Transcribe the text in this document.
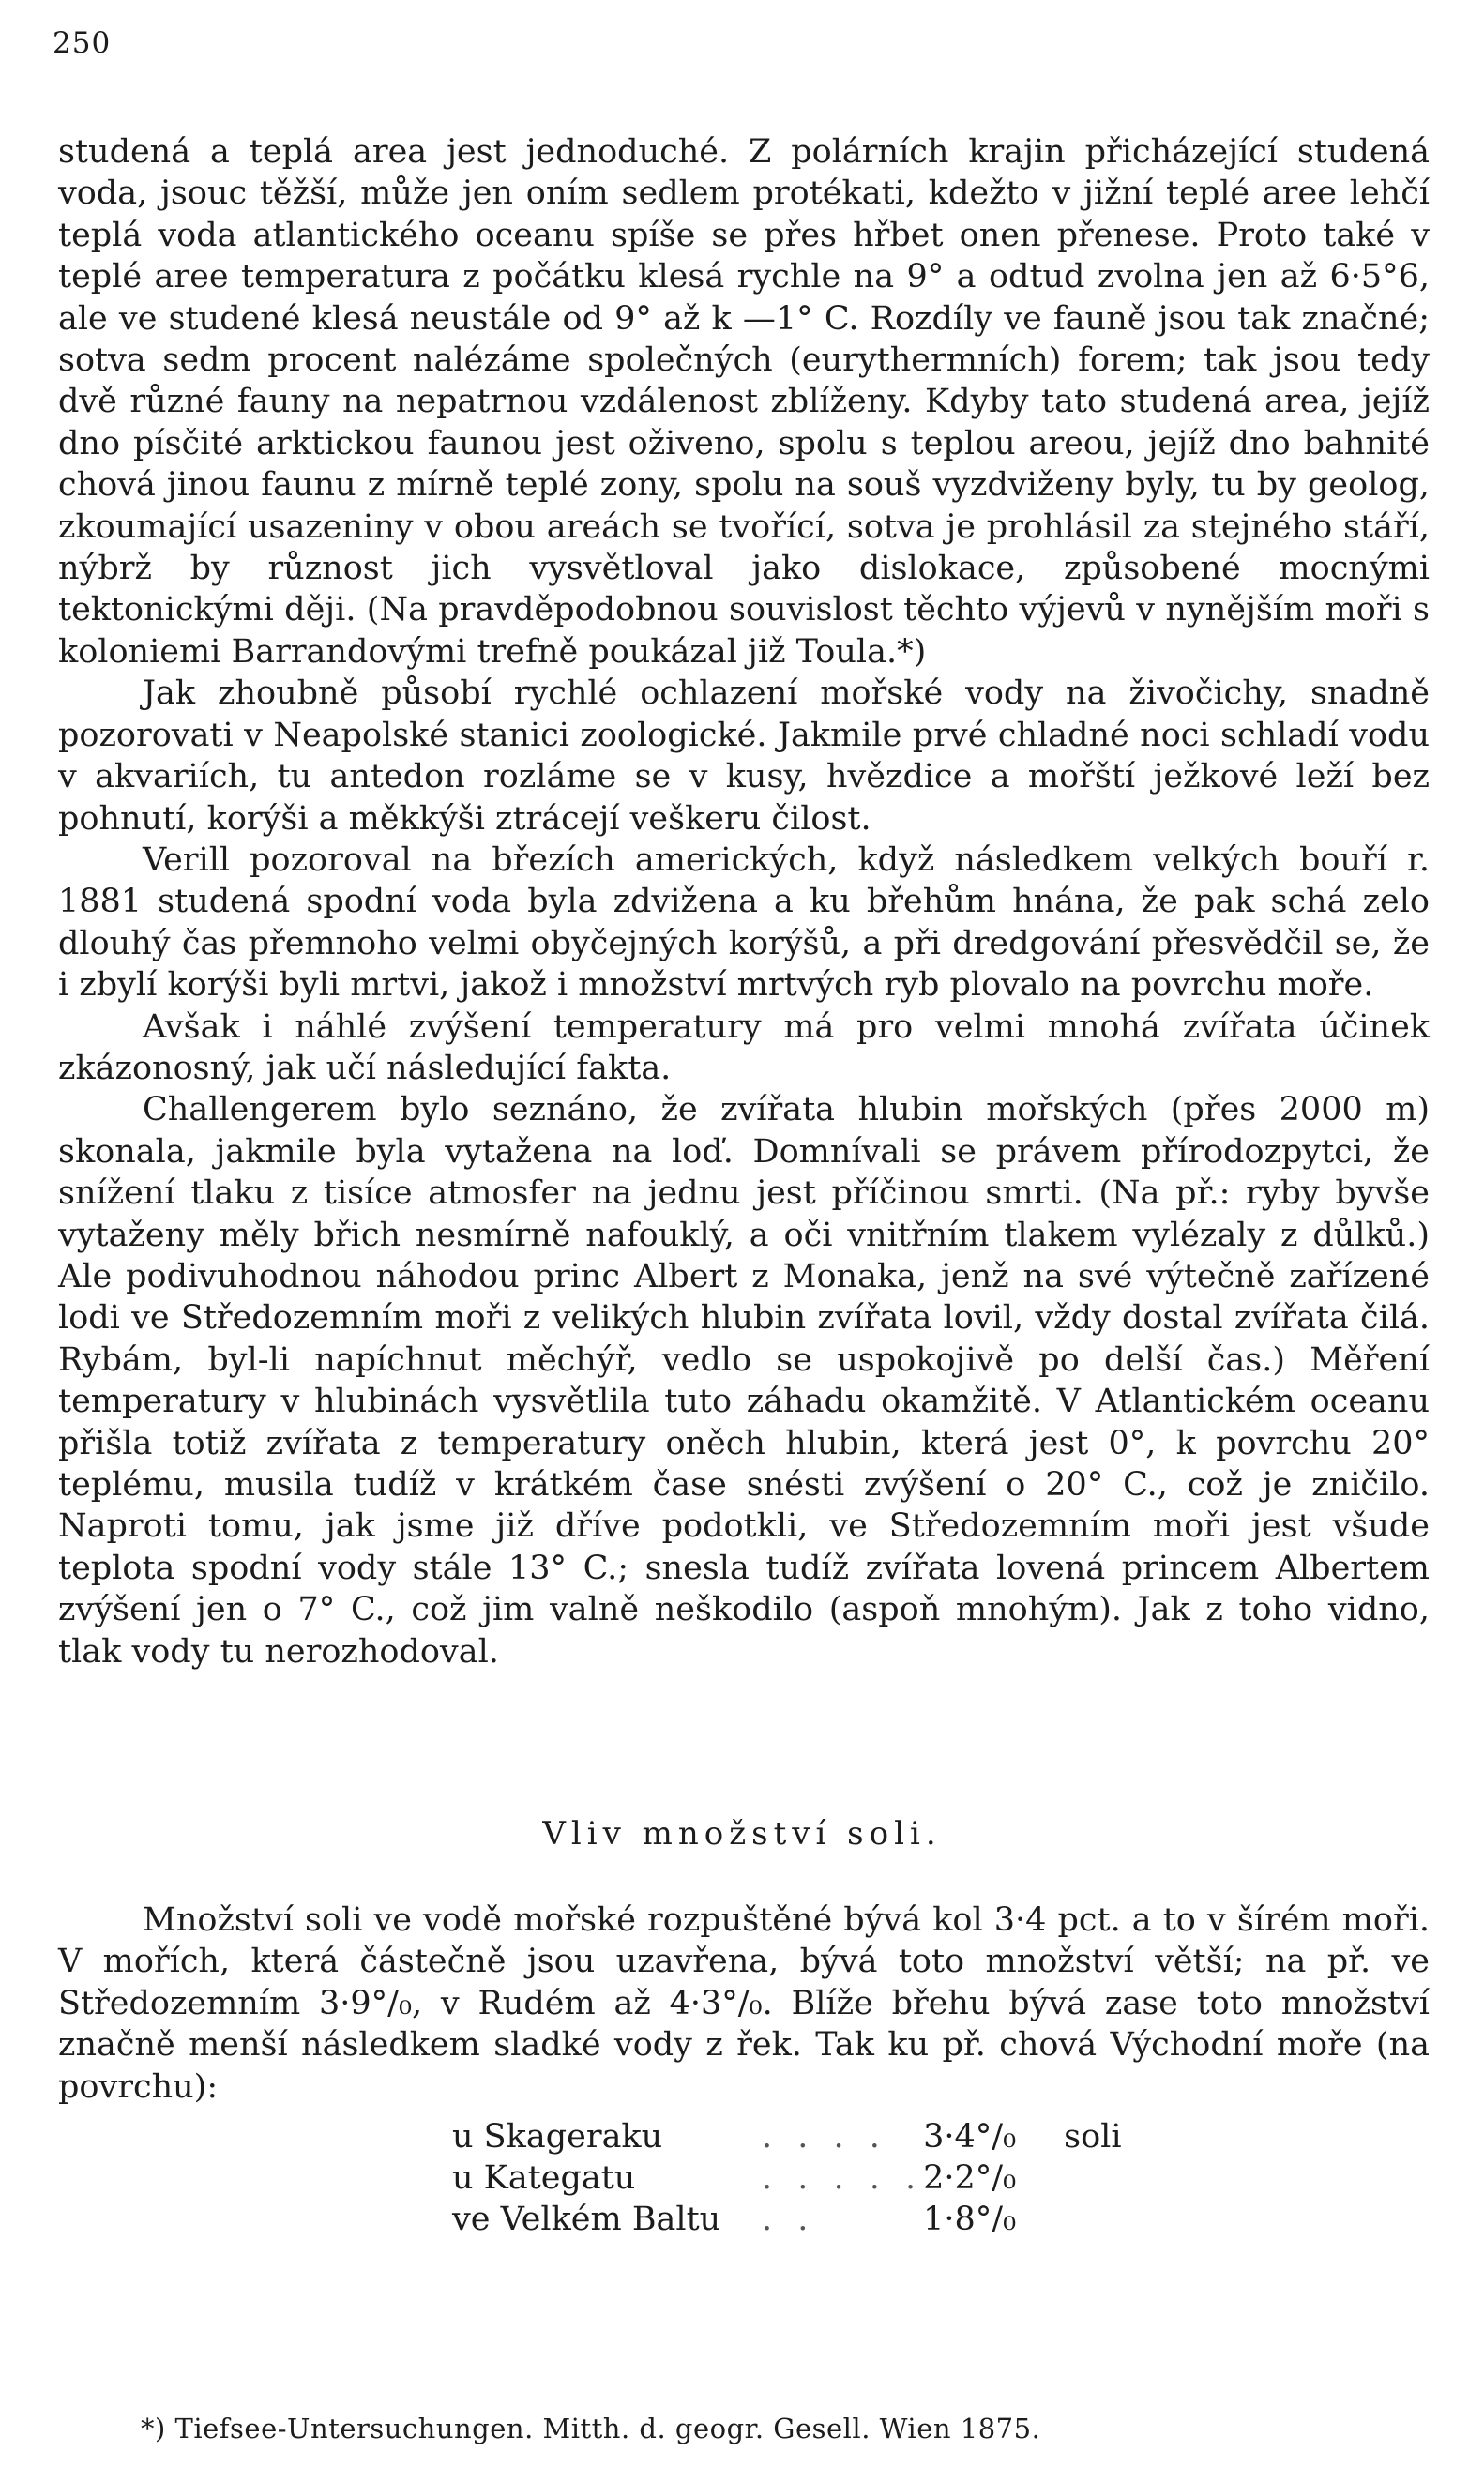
250

studená a teplá area jest jednoduché. Z polárních krajin přicházející studená voda, jsouc těžší, může jen oním sedlem protékati, kdežto v jižní teplé aree lehčí teplá voda atlantického oceanu spíše se přes hřbet onen přenese. Proto také v teplé aree temperatura z počátku klesá rychle na 9° a odtud zvolna jen až 6·5°6, ale ve studené klesá neustále od 9° až k —1° C. Rozdíly ve fauně jsou tak značné; sotva sedm procent nalézáme společných (eurythermních) forem; tak jsou tedy dvě různé fauny na nepatrnou vzdálenost zblíženy. Kdyby tato studená area, jejíž dno písčité arktickou faunou jest oživeno, spolu s teplou areou, jejíž dno bahnité chová jinou faunu z mírně teplé zony, spolu na souš vyzdviženy byly, tu by geolog, zkoumající usazeniny v obou areách se tvořící, sotva je prohlásil za stejného stáří, nýbrž by různost jich vysvětloval jako dislokace, způsobené mocnými tektonickými ději. (Na pravděpodobnou souvislost těchto výjevů v nynějším moři s koloniemi Barrandovými trefně poukázal již Toula.*)

Jak zhoubně působí rychlé ochlazení mořské vody na živočichy, snadně pozorovati v Neapolské stanici zoologické. Jakmile prvé chladné noci schladí vodu v akvariích, tu antedon rozláme se v kusy, hvězdice a mořští ježkové leží bez pohnutí, korýši a měkkýši ztrácejí veškeru čilost.

Verill pozoroval na březích amerických, když následkem velkých bouří r. 1881 studená spodní voda byla zdvižena a ku břehům hnána, že pak schá zelo dlouhý čas přemnoho velmi obyčejných korýšů, a při dredgování přesvědčil se, že i zbylí korýši byli mrtvi, jakož i množství mrtvých ryb plovalo na povrchu moře.

Avšak i náhlé zvýšení temperatury má pro velmi mnohá zvířata účinek zkázonosný, jak učí následující fakta.

Challengerem bylo seznáno, že zvířata hlubin mořských (přes 2000 m) skonala, jakmile byla vytažena na loď. Domnívali se právem přírodozpytci, že snížení tlaku z tisíce atmosfer na jednu jest příčinou smrti. (Na př.: ryby byvše vytaženy měly břich nesmírně nafouklý, a oči vnitřním tlakem vylézaly z důlků.) Ale podivuhodnou náhodou princ Albert z Monaka, jenž na své výtečně zařízené lodi ve Středozemním moři z velikých hlubin zvířata lovil, vždy dostal zvířata čilá. Rybám, byl-li napíchnut měchýř, vedlo se uspokojivě po delší čas.) Měření temperatury v hlubinách vysvětlila tuto záhadu okamžitě. V Atlantickém oceanu přišla totiž zvířata z temperatury oněch hlubin, která jest 0°, k povrchu 20° teplému, musila tudíž v krátkém čase snésti zvýšení o 20° C., což je zničilo. Naproti tomu, jak jsme již dříve podotkli, ve Středozemním moři jest všude teplota spodní vody stále 13° C.; snesla tudíž zvířata lovená princem Albertem zvýšení jen o 7° C., což jim valně neškodilo (aspoň mnohým). Jak z toho vidno, tlak vody tu nerozhodoval.

Vliv množství soli.

Množství soli ve vodě mořské rozpuštěné bývá kol 3·4 pct. a to v šírém moři. V mořích, která částečně jsou uzavřena, bývá toto množství větší; na př. ve Středozemním 3·9°/₀, v Rudém až 4·3°/₀. Blíže břehu bývá zase toto množství značně menší následkem sladké vody z řek. Tak ku př. chová Východní moře (na povrchu):

u Skageraku	. . . .	3·4°/₀	soli
u Kategatu	. . . . .	2·2°/₀	
ve Velkém Baltu	. .	1·8°/₀	
*) Tiefsee-Untersuchungen. Mitth. d. geogr. Gesell. Wien 1875.
